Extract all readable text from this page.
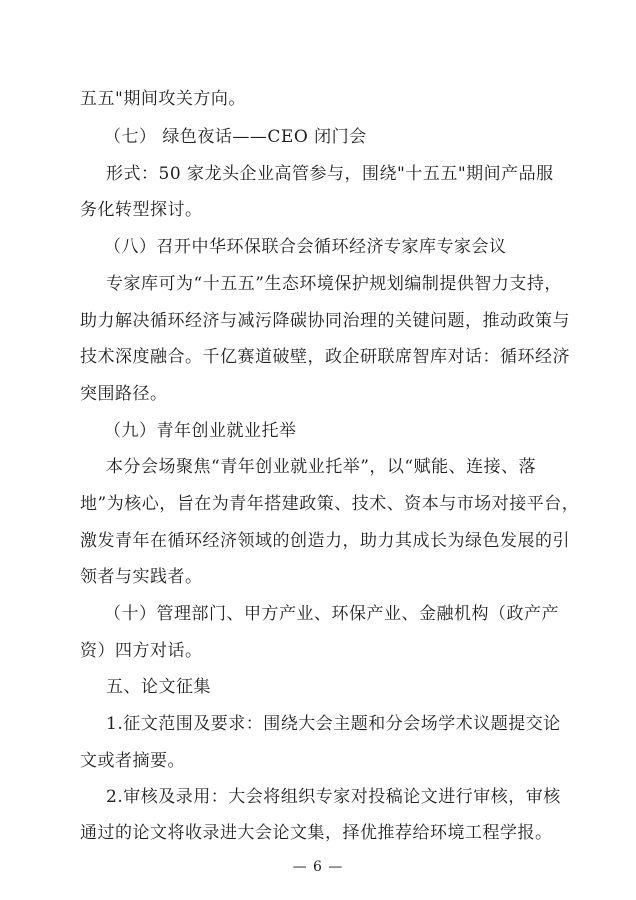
五五"期间攻关方向。
（七） 绿色夜话——CEO 闭门会
形式：50 家龙头企业高管参与，围绕"十五五"期间产品服
务化转型探讨。
（八）召开中华环保联合会循环经济专家库专家会议
专家库可为“十五五”生态环境保护规划编制提供智力支持，
助力解决循环经济与减污降碳协同治理的关键问题，推动政策与
技术深度融合。千亿赛道破壁，政企研联席智库对话：循环经济
突围路径。
（九）青年创业就业托举
本分会场聚焦“青年创业就业托举”，以“赋能、连接、落
地”为核心，旨在为青年搭建政策、技术、资本与市场对接平台，
激发青年在循环经济领域的创造力，助力其成长为绿色发展的引
领者与实践者。
（十）管理部门、甲方产业、环保产业、金融机构（政产产
资）四方对话。
五、论文征集
1.征文范围及要求：围绕大会主题和分会场学术议题提交论
文或者摘要。
2.审核及录用：大会将组织专家对投稿论文进行审核，审核
通过的论文将收录进大会论文集，择优推荐给环境工程学报。
— 6 —
